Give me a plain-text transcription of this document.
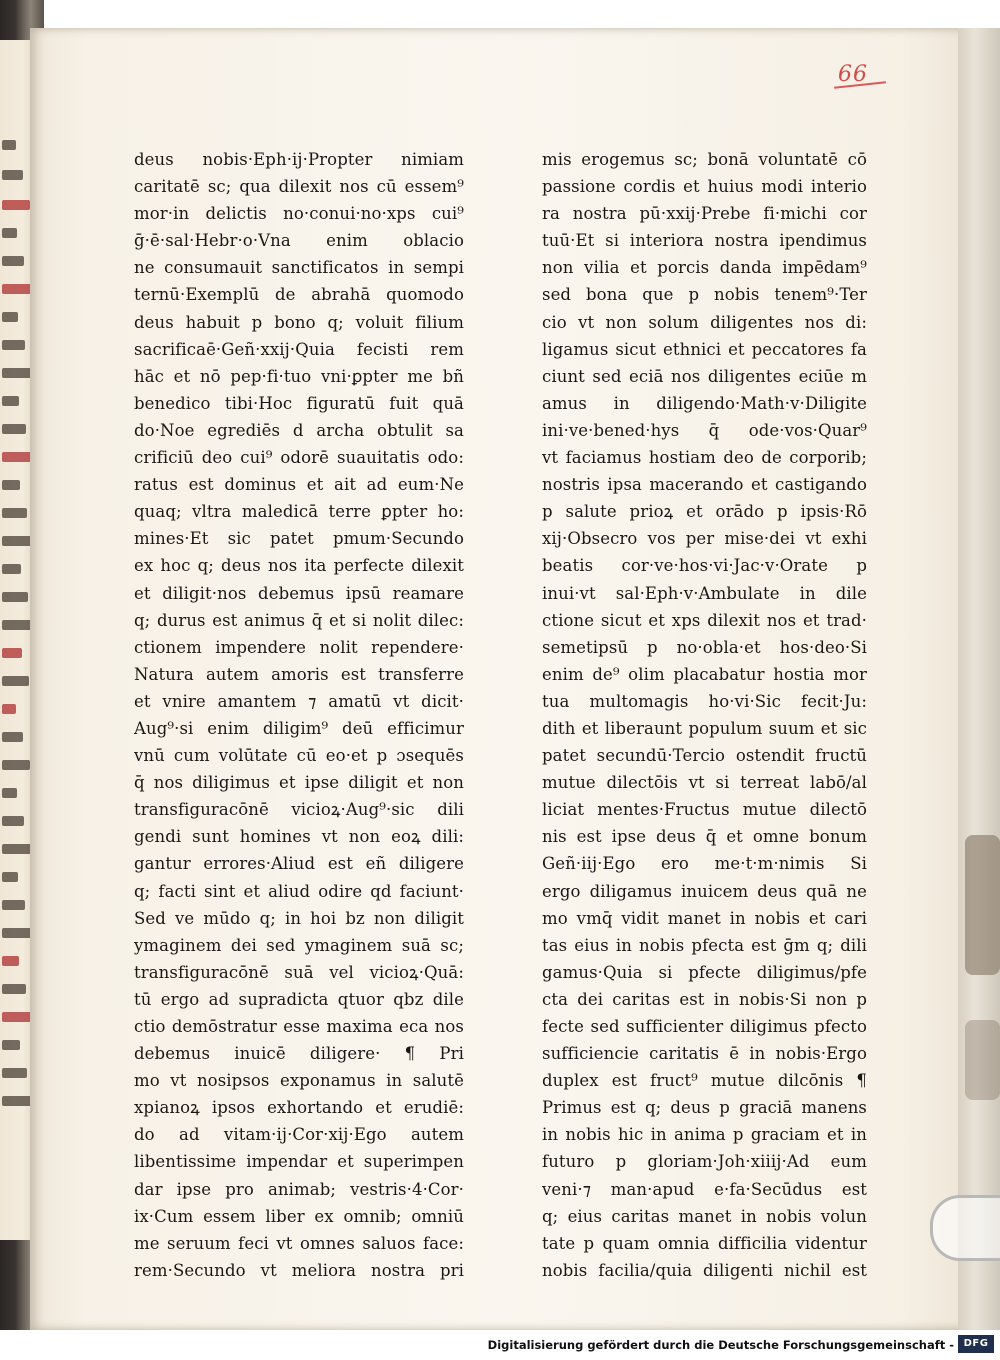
66
deus nobis·Eph·ij·Propter nimiam
caritatē sc; qua dilexit nos cū essem⁹
mor·in delictis no·conui·no·xps cui⁹
ḡ·ē·sal·Hebr·o·Vna enim oblacio
ne consumauit sanctificatos in sempi
ternū·Exemplū de abrahā quomodo
deus habuit p bono q; voluit filium
sacrificaē·Geñ·xxij·Quia fecisti rem
hāc et nō pep·fi·tuo vni·ꝑpter me bñ
benedico tibi·Hoc figuratū fuit quā
do·Noe egrediēs d archa obtulit sa
crificiū deo cui⁹ odorē suauitatis odo:
ratus est dominus et ait ad eum·Ne
quaq; vltra maledicā terre ꝑpter ho:
mines·Et sic patet pmum·Secundo
ex hoc q; deus nos ita perfecte dilexit
et diligit·nos debemus ipsū reamare
q; durus est animus q̄ et si nolit dilec:
ctionem impendere nolit rependere·
Natura autem amoris est transferre
et vnire amantem ⁊ amatū vt dicit·
Aug⁹·si enim diligim⁹ deū efficimur
vnū cum volūtate cū eo·et p ɔsequēs
q̄ nos diligimus et ipse diligit et non
transfiguracōnē vicioꝝ·Aug⁹·sic dili
gendi sunt homines vt non eoꝝ dili:
gantur errores·Aliud est eñ diligere
q; facti sint et aliud odire qd faciunt·
Sed ve mūdo q; in hoi bz non diligit
ymaginem dei sed ymaginem suā sc;
transfiguracōnē suā vel vicioꝝ·Quā:
tū ergo ad supradicta qtuor qbz dile
ctio demōstratur esse maxima eca nos
debemus inuicē diligere· ¶ Pri
mo vt nosipsos exponamus in salutē
xpianoꝝ ipsos exhortando et erudiē:
do ad vitam·ij·Cor·xij·Ego autem
libentissime impendar et superimpen
dar ipse pro animab; vestris·4·Cor·
ix·Cum essem liber ex omnib; omniū
me seruum feci vt omnes saluos face:
rem·Secundo vt meliora nostra pri
mis erogemus sc; bonā voluntatē cō
passione cordis et huius modi interio
ra nostra pū·xxij·Prebe fi·michi cor
tuū·Et si interiora nostra ipendimus
non vilia et porcis danda impēdam⁹
sed bona que p nobis tenem⁹·Ter
cio vt non solum diligentes nos di:
ligamus sicut ethnici et peccatores fa
ciunt sed eciā nos diligentes eciūe m
amus in diligendo·Math·v·Diligite
ini·ve·bened·hys q̄ ode·vos·Quar⁹
vt faciamus hostiam deo de corporib;
nostris ipsa macerando et castigando
p salute prioꝝ et orādo p ipsis·Rō
xij·Obsecro vos per mise·dei vt exhi
beatis cor·ve·hos·vi·Jac·v·Orate p
inui·vt sal·Eph·v·Ambulate in dile
ctione sicut et xps dilexit nos et trad·
semetipsū p no·obla·et hos·deo·Si
enim de⁹ olim placabatur hostia mor
tua multomagis ho·vi·Sic fecit·Ju:
dith et liberaunt populum suum et sic
patet secundū·Tercio ostendit fructū
mutue dilectōis vt si terreat labō/al
liciat mentes·Fructus mutue dilectō
nis est ipse deus q̄ et omne bonum
Geñ·iij·Ego ero me·t·m·nimis Si
ergo diligamus inuicem deus quā ne
mo vmq̄ vidit manet in nobis et cari
tas eius in nobis pfecta est ḡm q; dili
gamus·Quia si pfecte diligimus/pfe
cta dei caritas est in nobis·Si non p
fecte sed sufficienter diligimus pfecto
sufficiencie caritatis ē in nobis·Ergo
duplex est fruct⁹ mutue dilcōnis ¶
Primus est q; deus p graciā manens
in nobis hic in anima p graciam et in
futuro p gloriam·Joh·xiiij·Ad eum
veni·⁊ man·apud e·fa·Secūdus est
q; eius caritas manet in nobis volun
tate p quam omnia difficilia videntur
nobis facilia/quia diligenti nichil est
Digitalisierung gefördert durch die Deutsche Forschungsgemeinschaft - DFG
